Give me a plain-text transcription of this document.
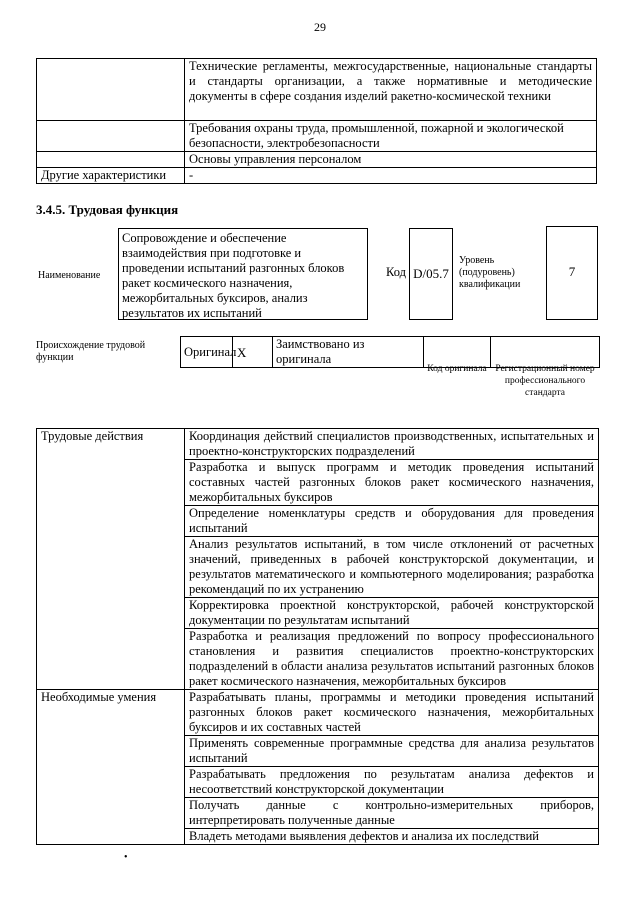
29
	Технические регламенты, межгосударственные, национальные стандарты и стандарты организации, а также нормативные и методические документы в сфере создания изделий ракетно-космической техники
	Требования охраны труда, промышленной, пожарной и экологической безопасности, электробезопасности
	Основы управления персоналом
Другие характеристики	-
3.4.5. Трудовая функция
Наименование
Сопровождение и обеспечение взаимодействия при подготовке и проведении испытаний разгонных блоков ракет космического назначения, межорбитальных буксиров, анализ результатов их испытаний
Код D/05.7
Уровень (подуровень) квалификации
7
Происхождение трудовой функции	Оригинал	X	Заимствовано из оригинала		
Код оригинала Регистрационный номер профессионального стандарта
Трудовые действия	Координация действий специалистов производственных, испытательных и проектно-конструкторских подразделений
	Разработка и выпуск программ и методик проведения испытаний составных частей разгонных блоков ракет космического назначения, межорбитальных буксиров
	Определение номенклатуры средств и оборудования для проведения испытаний
	Анализ результатов испытаний, в том числе отклонений от расчетных значений, приведенных в рабочей конструкторской документации, и результатов математического и компьютерного моделирования; разработка рекомендаций по их устранению
	Корректировка проектной конструкторской, рабочей конструкторской документации по результатам испытаний
	Разработка и реализация предложений по вопросу профессионального становления и развития специалистов проектно-конструкторских подразделений в области анализа результатов испытаний разгонных блоков ракет космического назначения, межорбитальных буксиров
Необходимые умения	Разрабатывать планы, программы и методики проведения испытаний разгонных блоков ракет космического назначения, межорбитальных буксиров и их составных частей
	Применять современные программные средства для анализа результатов испытаний
	Разрабатывать предложения по результатам анализа дефектов и несоответствий конструкторской документации
	Получать данные с контрольно-измерительных приборов, интерпретировать полученные данные
	Владеть методами выявления дефектов и анализа их последствий
•
